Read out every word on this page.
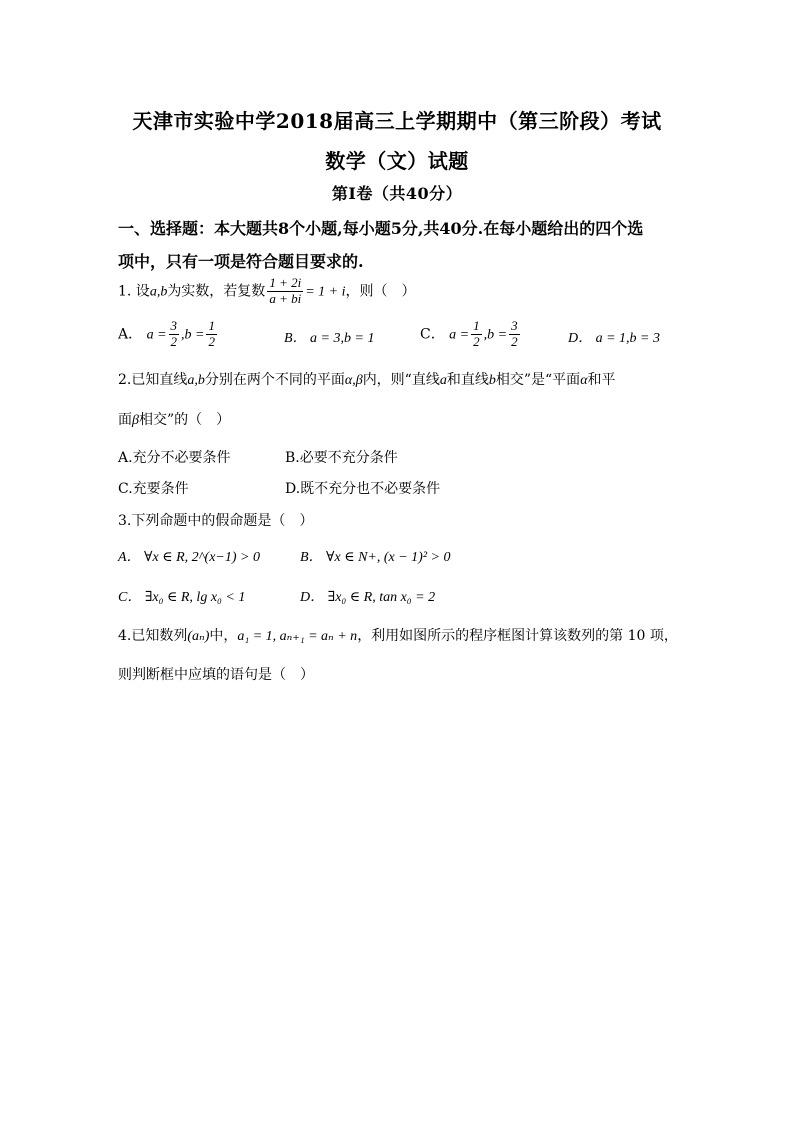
天津市实验中学2018届高三上学期期中（第三阶段）考试
数学（文）试题
第Ⅰ卷（共40分）
一、选择题：本大题共8个小题,每小题5分,共40分.在每小题给出的四个选
项中，只有一项是符合题目要求的.
1. 设a,b为实数，若复数 $\frac{1 + 2i}{a + bi} = 1 + i$，则（　）
A． $a = \frac{3}{2} ,b = \frac{1}{2}$	B． a = 3,b = 1	C． $a = \frac{1}{2} ,b = \frac{3}{2}$	D． a = 1,b = 3
2.已知直线a,b分别在两个不同的平面α,β内，则“直线a和直线b相交”是“平面α和平
面β相交”的（　）
A.充分不必要条件	B.必要不充分条件
C.充要条件	D.既不充分也不必要条件
3.下列命题中的假命题是（　）
A． ∀x ∈ R, 2^(x−1) > 0	B． ∀x ∈ N+, (x − 1)² > 0
C． ∃x₀ ∈ R, lg x₀ < 1	D． ∃x₀ ∈ R, tan x₀ = 2
4.已知数列(aₙ)中，a₁ = 1, aₙ₊₁ = aₙ + n，利用如图所示的程序框图计算该数列的第 10 项，
则判断框中应填的语句是（　）
